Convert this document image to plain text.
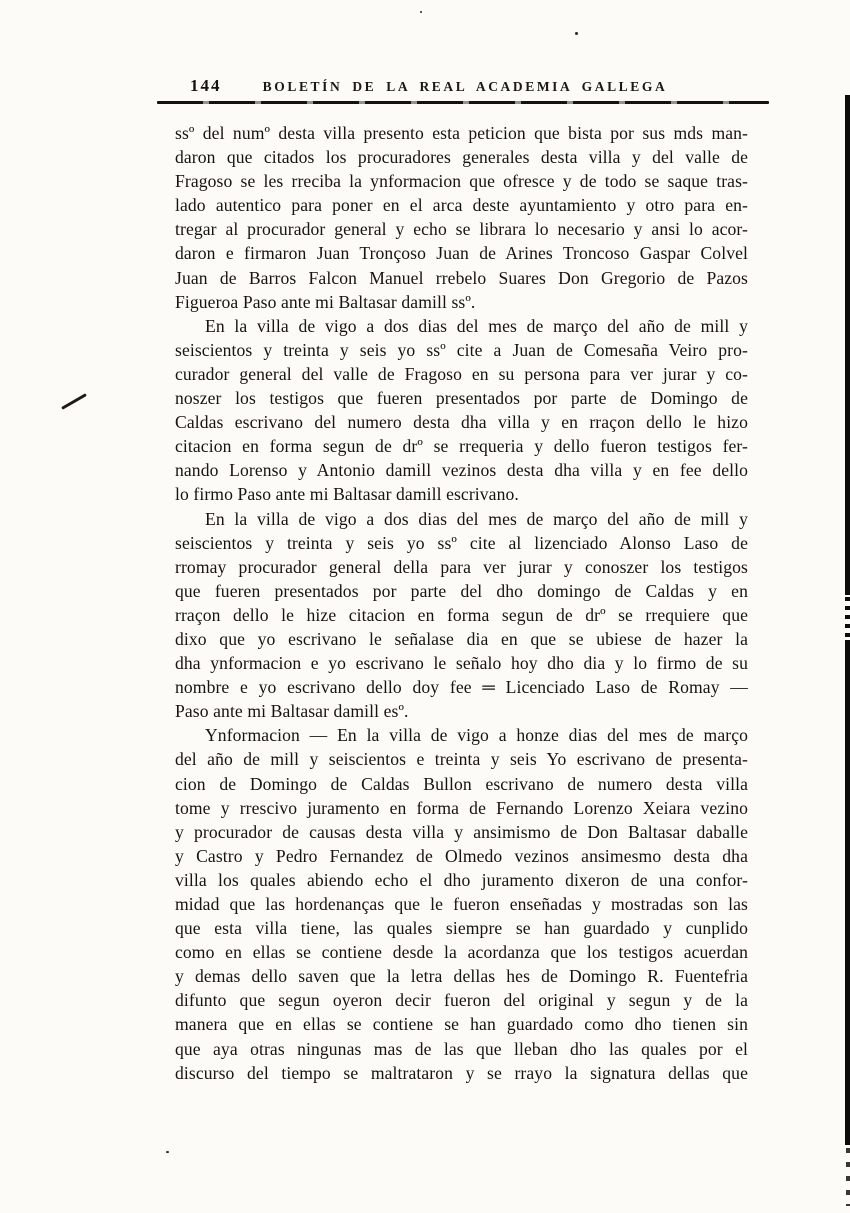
144	BOLETÍN DE LA REAL ACADEMIA GALLEGA
ssº del numº desta villa presento esta peticion que bista por sus mds man-
daron que citados los procuradores generales desta villa y del valle de
Fragoso se les rreciba la ynformacion que ofresce y de todo se saque tras-
lado autentico para poner en el arca deste ayuntamiento y otro para en-
tregar al procurador general y echo se librara lo necesario y ansi lo acor-
daron e firmaron Juan Tronçoso Juan de Arines Troncoso Gaspar Colvel
Juan de Barros Falcon Manuel rrebelo Suares Don Gregorio de Pazos
Figueroa Paso ante mi Baltasar damill ssº.
En la villa de vigo a dos dias del mes de março del año de mill y
seiscientos y treinta y seis yo ssº cite a Juan de Comesaña Veiro pro-
curador general del valle de Fragoso en su persona para ver jurar y co-
noszer los testigos que fueren presentados por parte de Domingo de
Caldas escrivano del numero desta dha villa y en rraçon dello le hizo
citacion en forma segun de drº se rrequeria y dello fueron testigos fer-
nando Lorenso y Antonio damill vezinos desta dha villa y en fee dello
lo firmo Paso ante mi Baltasar damill escrivano.
En la villa de vigo a dos dias del mes de março del año de mill y
seiscientos y treinta y seis yo ssº cite al lizenciado Alonso Laso de
rromay procurador general della para ver jurar y conoszer los testigos
que fueren presentados por parte del dho domingo de Caldas y en
rraçon dello le hize citacion en forma segun de drº se rrequiere que
dixo que yo escrivano le señalase dia en que se ubiese de hazer la
dha ynformacion e yo escrivano le señalo hoy dho dia y lo firmo de su
nombre e yo escrivano dello doy fee ═ Licenciado Laso de Romay —
Paso ante mi Baltasar damill esº.
Ynformacion — En la villa de vigo a honze dias del mes de março
del año de mill y seiscientos e treinta y seis Yo escrivano de presenta-
cion de Domingo de Caldas Bullon escrivano de numero desta villa
tome y rrescivo juramento en forma de Fernando Lorenzo Xeiara vezino
y procurador de causas desta villa y ansimismo de Don Baltasar daballe
y Castro y Pedro Fernandez de Olmedo vezinos ansimesmo desta dha
villa los quales abiendo echo el dho juramento dixeron de una confor-
midad que las hordenanças que le fueron enseñadas y mostradas son las
que esta villa tiene, las quales siempre se han guardado y cunplido
como en ellas se contiene desde la acordanza que los testigos acuerdan
y demas dello saven que la letra dellas hes de Domingo R. Fuentefria
difunto que segun oyeron decir fueron del original y segun y de la
manera que en ellas se contiene se han guardado como dho tienen sin
que aya otras ningunas mas de las que lleban dho las quales por el
discurso del tiempo se maltrataron y se rrayo la signatura dellas que
